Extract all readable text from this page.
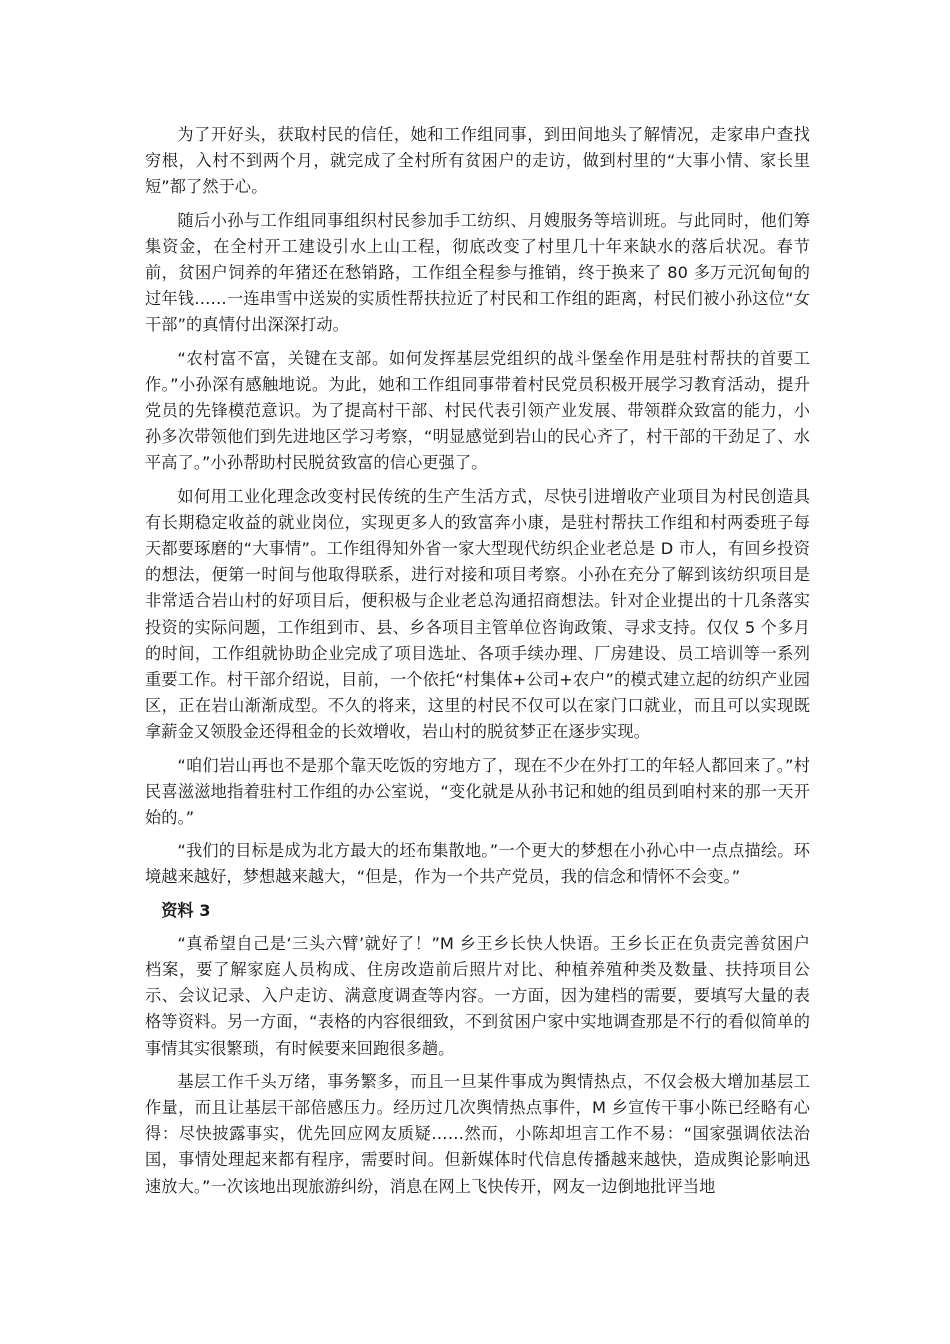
为了开好头，获取村民的信任，她和工作组同事，到田间地头了解情况，走家串户查找穷根，入村不到两个月，就完成了全村所有贫困户的走访，做到村里的“大事小情、家长里短”都了然于心。

随后小孙与工作组同事组织村民参加手工纺织、月嫂服务等培训班。与此同时，他们筹集资金，在全村开工建设引水上山工程，彻底改变了村里几十年来缺水的落后状况。春节前，贫困户饲养的年猪还在愁销路，工作组全程参与推销，终于换来了 80 多万元沉甸甸的过年钱……一连串雪中送炭的实质性帮扶拉近了村民和工作组的距离，村民们被小孙这位“女干部”的真情付出深深打动。

“农村富不富，关键在支部。如何发挥基层党组织的战斗堡垒作用是驻村帮扶的首要工作。”小孙深有感触地说。为此，她和工作组同事带着村民党员积极开展学习教育活动，提升党员的先锋模范意识。为了提高村干部、村民代表引领产业发展、带领群众致富的能力，小孙多次带领他们到先进地区学习考察，“明显感觉到岩山的民心齐了，村干部的干劲足了、水平高了。”小孙帮助村民脱贫致富的信心更强了。

如何用工业化理念改变村民传统的生产生活方式，尽快引进增收产业项目为村民创造具有长期稳定收益的就业岗位，实现更多人的致富奔小康，是驻村帮扶工作组和村两委班子每天都要琢磨的“大事情”。工作组得知外省一家大型现代纺织企业老总是 D 市人，有回乡投资的想法，便第一时间与他取得联系，进行对接和项目考察。小孙在充分了解到该纺织项目是非常适合岩山村的好项目后，便积极与企业老总沟通招商想法。针对企业提出的十几条落实投资的实际问题，工作组到市、县、乡各项目主管单位咨询政策、寻求支持。仅仅 5 个多月的时间，工作组就协助企业完成了项目选址、各项手续办理、厂房建设、员工培训等一系列重要工作。村干部介绍说，目前，一个依托“村集体+公司+农户”的模式建立起的纺织产业园区，正在岩山渐渐成型。不久的将来，这里的村民不仅可以在家门口就业，而且可以实现既拿薪金又领股金还得租金的长效增收，岩山村的脱贫梦正在逐步实现。

“咱们岩山再也不是那个靠天吃饭的穷地方了，现在不少在外打工的年轻人都回来了。”村民喜滋滋地指着驻村工作组的办公室说，“变化就是从孙书记和她的组员到咱村来的那一天开始的。”

“我们的目标是成为北方最大的坯布集散地。”一个更大的梦想在小孙心中一点点描绘。环境越来越好，梦想越来越大，“但是，作为一个共产党员，我的信念和情怀不会变。”

资料 3

“真希望自己是‘三头六臂’就好了！”M 乡王乡长快人快语。王乡长正在负责完善贫困户档案，要了解家庭人员构成、住房改造前后照片对比、种植养殖种类及数量、扶持项目公示、会议记录、入户走访、满意度调查等内容。一方面，因为建档的需要，要填写大量的表格等资料。另一方面，“表格的内容很细致，不到贫困户家中实地调查那是不行的看似简单的事情其实很繁琐，有时候要来回跑很多趟。

基层工作千头万绪，事务繁多，而且一旦某件事成为舆情热点，不仅会极大增加基层工作量，而且让基层干部倍感压力。经历过几次舆情热点事件，M 乡宣传干事小陈已经略有心得：尽快披露事实，优先回应网友质疑……然而，小陈却坦言工作不易：“国家强调依法治国，事情处理起来都有程序，需要时间。但新媒体时代信息传播越来越快，造成舆论影响迅速放大。”一次该地出现旅游纠纷，消息在网上飞快传开，网友一边倒地批评当地
